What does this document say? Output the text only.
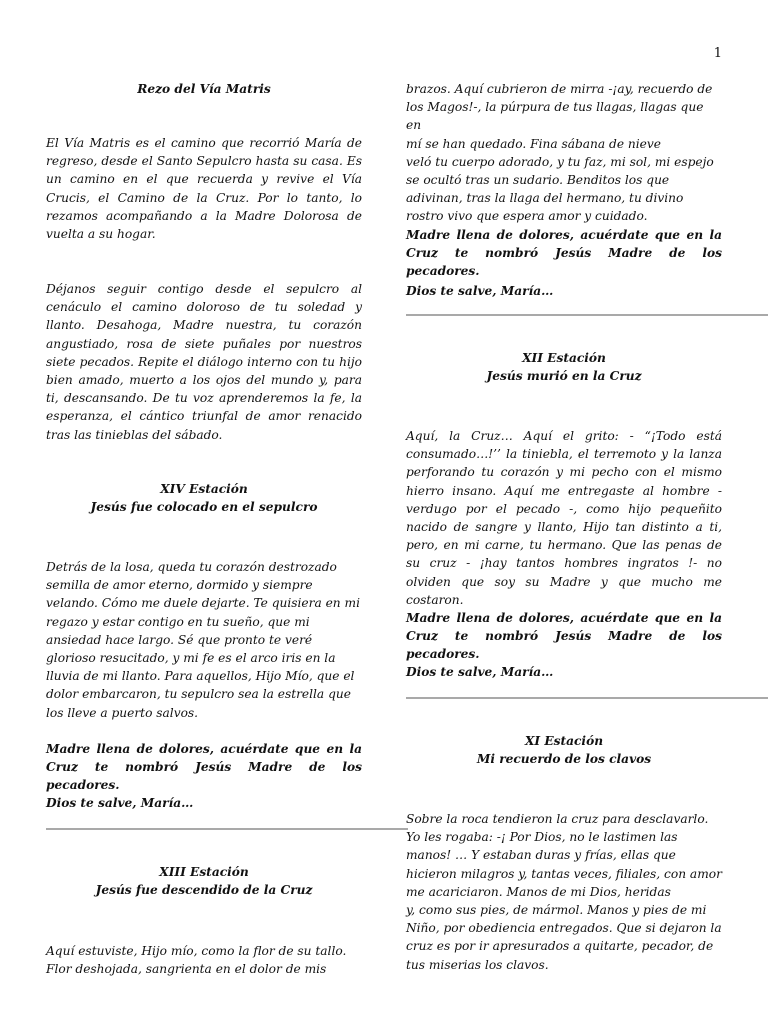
1

Rezo del Vía Matris

El Vía Matris es el camino que recorrió María de regreso, desde el Santo Sepulcro hasta su casa. Es un camino en el que recuerda y revive el Vía Crucis, el Camino de la Cruz. Por lo tanto, lo rezamos acompañando a la Madre Dolorosa de vuelta a su hogar.

Déjanos seguir contigo desde el sepulcro al cenáculo el camino doloroso de tu soledad y llanto. Desahoga, Madre nuestra, tu corazón angustiado, rosa de siete puñales por nuestros siete pecados. Repite el diálogo interno con tu hijo bien amado, muerto a los ojos del mundo y, para ti, descansando. De tu voz aprenderemos la fe, la esperanza, el cántico triunfal de amor renacido tras las tinieblas del sábado.

XIV Estación
Jesús fue colocado en el sepulcro
Detrás de la losa, queda tu corazón destrozado
semilla de amor eterno, dormido y siempre
velando. Cómo me duele dejarte. Te quisiera en mi
regazo y estar contigo en tu sueño, que mi
ansiedad hace largo. Sé que pronto te veré
glorioso resucitado, y mi fe es el arco iris en la
lluvia de mi llanto. Para aquellos, Hijo Mío, que el
dolor embarcaron, tu sepulcro sea la estrella que
los lleve a puerto salvos.

Madre llena de dolores, acuérdate que en la Cruz te nombró Jesús Madre de los pecadores.

Dios te salve, María…

XIII Estación
Jesús fue descendido de la Cruz
Aquí estuviste, Hijo mío, como la flor de su tallo.
Flor deshojada, sangrienta en el dolor de mis
brazos. Aquí cubrieron de mirra -¡ay, recuerdo de
los Magos!-, la púrpura de tus llagas, llagas que en
mí se han quedado. Fina sábana de nieve
veló tu cuerpo adorado, y tu faz, mi sol, mi espejo
se ocultó tras un sudario. Benditos los que
adivinan, tras la llaga del hermano, tu divino
rostro vivo que espera amor y cuidado.

Madre llena de dolores, acuérdate que en la Cruz te nombró Jesús Madre de los pecadores.

Dios te salve, María…

XII Estación
Jesús murió en la Cruz

Aquí, la Cruz… Aquí el grito: - “¡Todo está consumado…!’’ la tiniebla, el terremoto y la lanza perforando tu corazón y mi pecho con el mismo hierro insano. Aquí me entregaste al hombre - verdugo por el pecado -, como hijo pequeñito nacido de sangre y llanto, Hijo tan distinto a ti, pero, en mi carne, tu hermano. Que las penas de su cruz - ¡hay tantos hombres ingratos !- no olviden que soy su Madre y que mucho me costaron.

Madre llena de dolores, acuérdate que en la Cruz te nombró Jesús Madre de los pecadores.

Dios te salve, María…

XI Estación
Mi recuerdo de los clavos
Sobre la roca tendieron la cruz para desclavarlo.
Yo les rogaba: -¡ Por Dios, no le lastimen las
manos! … Y estaban duras y frías, ellas que
hicieron milagros y, tantas veces, filiales, con amor
me acariciaron. Manos de mi Dios, heridas
y, como sus pies, de mármol. Manos y pies de mi
Niño, por obediencia entregados. Que si dejaron la
cruz es por ir apresurados a quitarte, pecador, de
tus miserias los clavos.
